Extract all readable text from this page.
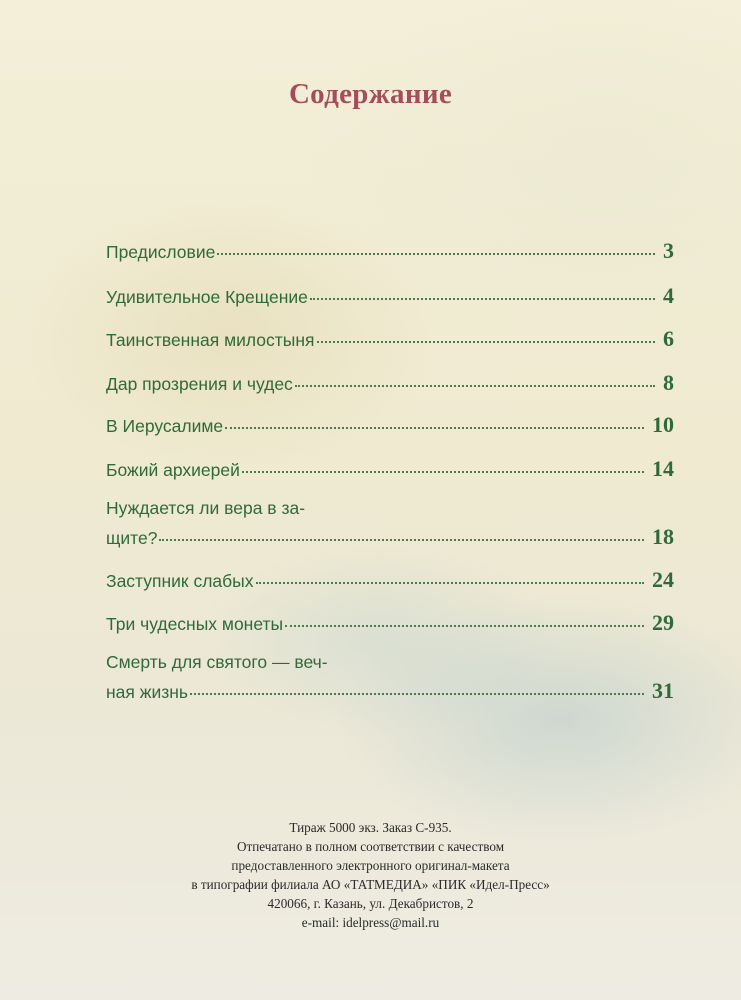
Содержание
Предисловие	3
Удивительное Крещение	4
Таинственная милостыня	6
Дар прозрения и чудес	8
В Иерусалиме	10
Божий архиерей	14
Нуждается ли вера в за-
щите?	18
Заступник слабых	24
Три чудесных монеты	29
Смерть для святого — веч-
ная жизнь	31
Тираж 5000 экз. Заказ С-935.
Отпечатано в полном соответствии с качеством
предоставленного электронного оригинал-макета
в типографии филиала АО «ТАТМЕДИА» «ПИК «Идел-Пресс»
420066, г. Казань, ул. Декабристов, 2
e-mail: idelpress@mail.ru
